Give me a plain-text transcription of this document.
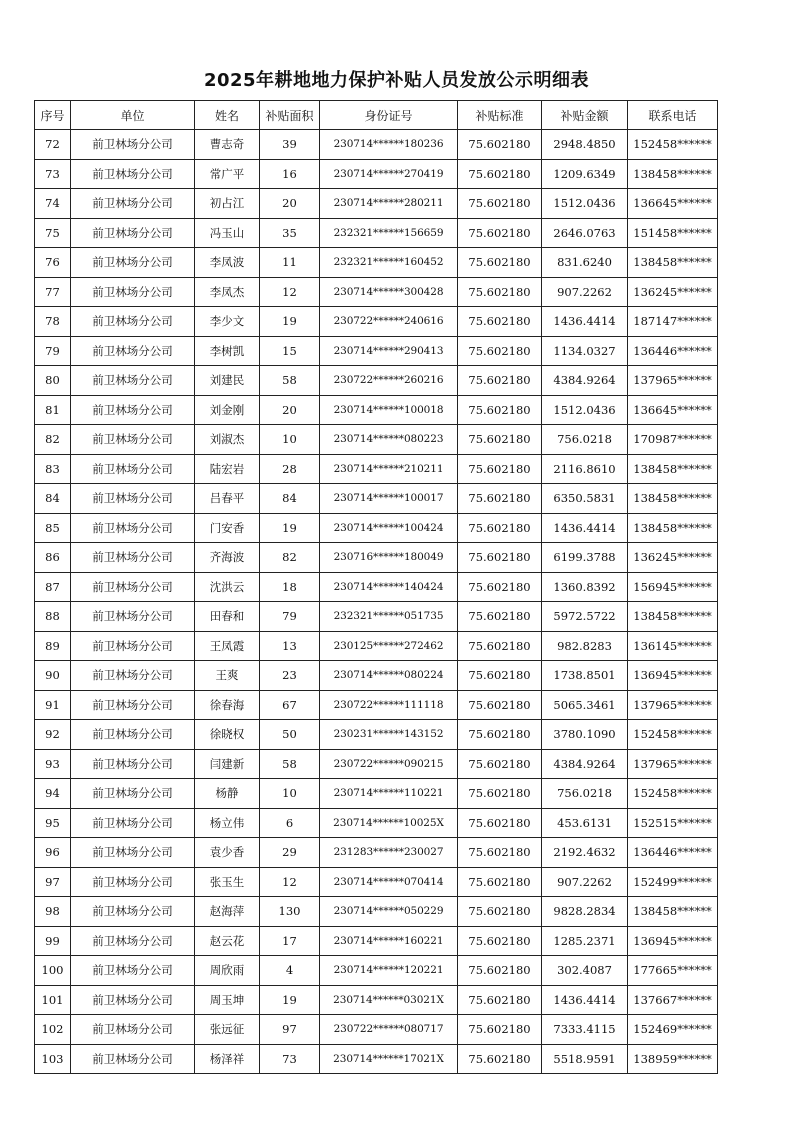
2025年耕地地力保护补贴人员发放公示明细表
序号	单位	姓名	补贴面积	身份证号	补贴标准	补贴金额	联系电话
72	前卫林场分公司	曹志奇	39	230714******180236	75.602180	2948.4850	152458******
73	前卫林场分公司	常广平	16	230714******270419	75.602180	1209.6349	138458******
74	前卫林场分公司	初占江	20	230714******280211	75.602180	1512.0436	136645******
75	前卫林场分公司	冯玉山	35	232321******156659	75.602180	2646.0763	151458******
76	前卫林场分公司	李凤波	11	232321******160452	75.602180	831.6240	138458******
77	前卫林场分公司	李凤杰	12	230714******300428	75.602180	907.2262	136245******
78	前卫林场分公司	李少文	19	230722******240616	75.602180	1436.4414	187147******
79	前卫林场分公司	李树凯	15	230714******290413	75.602180	1134.0327	136446******
80	前卫林场分公司	刘建民	58	230722******260216	75.602180	4384.9264	137965******
81	前卫林场分公司	刘金刚	20	230714******100018	75.602180	1512.0436	136645******
82	前卫林场分公司	刘淑杰	10	230714******080223	75.602180	756.0218	170987******
83	前卫林场分公司	陆宏岩	28	230714******210211	75.602180	2116.8610	138458******
84	前卫林场分公司	吕春平	84	230714******100017	75.602180	6350.5831	138458******
85	前卫林场分公司	门安香	19	230714******100424	75.602180	1436.4414	138458******
86	前卫林场分公司	齐海波	82	230716******180049	75.602180	6199.3788	136245******
87	前卫林场分公司	沈洪云	18	230714******140424	75.602180	1360.8392	156945******
88	前卫林场分公司	田春和	79	232321******051735	75.602180	5972.5722	138458******
89	前卫林场分公司	王凤霞	13	230125******272462	75.602180	982.8283	136145******
90	前卫林场分公司	王爽	23	230714******080224	75.602180	1738.8501	136945******
91	前卫林场分公司	徐春海	67	230722******111118	75.602180	5065.3461	137965******
92	前卫林场分公司	徐晓权	50	230231******143152	75.602180	3780.1090	152458******
93	前卫林场分公司	闫建新	58	230722******090215	75.602180	4384.9264	137965******
94	前卫林场分公司	杨静	10	230714******110221	75.602180	756.0218	152458******
95	前卫林场分公司	杨立伟	6	230714******10025X	75.602180	453.6131	152515******
96	前卫林场分公司	袁少香	29	231283******230027	75.602180	2192.4632	136446******
97	前卫林场分公司	张玉生	12	230714******070414	75.602180	907.2262	152499******
98	前卫林场分公司	赵海萍	130	230714******050229	75.602180	9828.2834	138458******
99	前卫林场分公司	赵云花	17	230714******160221	75.602180	1285.2371	136945******
100	前卫林场分公司	周欣雨	4	230714******120221	75.602180	302.4087	177665******
101	前卫林场分公司	周玉坤	19	230714******03021X	75.602180	1436.4414	137667******
102	前卫林场分公司	张远征	97	230722******080717	75.602180	7333.4115	152469******
103	前卫林场分公司	杨泽祥	73	230714******17021X	75.602180	5518.9591	138959******
